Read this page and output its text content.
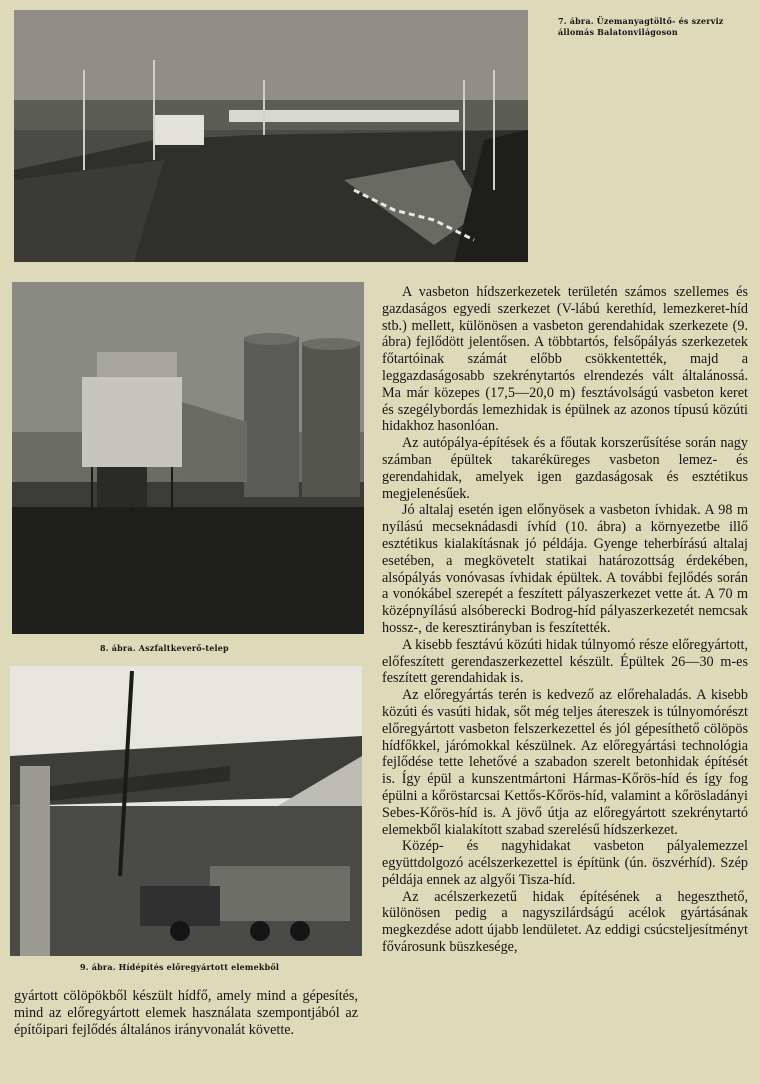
7. ábra. Üzemanyagtöltő- és szerviz
állomás Balatonvilágoson
8. ábra. Aszfaltkeverő-telep
9. ábra. Hídépítés előregyártott elemekből

gyártott cölöpökből készült hídfő, amely mind a gépesítés, mind az előregyártott elemek használata szempontjából az építőipari fejlődés általános irányvonalát követte.

A vasbeton hídszerkezetek területén számos szellemes és gazdaságos egyedi szerkezet (V-lábú kerethíd, lemezkeret-híd stb.) mellett, különösen a vasbeton gerendahidak szerkezete (9. ábra) fejlődött jelentősen. A többtartós, felsőpályás szerkezetek főtartóinak számát előbb csökkentették, majd a leggazdaságosabb szekrénytartós elrendezés vált általánossá. Ma már közepes (17,5—20,0 m) fesztávolságú vasbeton keret és szegélybordás lemezhidak is épülnek az azonos típusú közúti hidakhoz hasonlóan.

Az autópálya-építések és a főutak korszerűsítése során nagy számban épültek takaréküreges vasbeton lemez- és gerendahidak, amelyek igen gazdaságosak és esztétikus megjelenésűek.

Jó altalaj esetén igen előnyösek a vasbeton ívhidak. A 98 m nyílású mecseknádasdi ívhíd (10. ábra) a környezetbe illő esztétikus kialakításnak jó példája. Gyenge teherbírású altalaj esetében, a megkövetelt statikai határozottság érdekében, alsópályás vonóvasas ívhidak épültek. A további fejlődés során a vonókábel szerepét a feszített pályaszerkezet vette át. A 70 m középnyílású alsóberecki Bodrog-híd pályaszerkezetét nemcsak hossz-, de keresztirányban is feszítették.

A kisebb fesztávú közúti hidak túlnyomó része előregyártott, előfeszített gerendaszerkezettel készült. Épültek 26—30 m-es feszített gerendahidak is.

Az előregyártás terén is kedvező az előrehaladás. A kisebb közúti és vasúti hidak, sőt még teljes átereszek is túlnyomórészt előregyártott vasbeton felszerkezettel és jól gépesíthető cölöpös hídfőkkel, járómokkal készülnek. Az előregyártási technológia fejlődése tette lehetővé a szabadon szerelt betonhidak építését is. Így épül a kunszentmártoni Hármas-Kőrös-híd és így fog épülni a kőröstarcsai Kettős-Kőrös-híd, valamint a kőrösladányi Sebes-Kőrös-híd is. A jövő útja az előregyártott szekrénytartó elemekből kialakított szabad szerelésű hídszerkezet.

Közép- és nagyhidakat vasbeton pályalemezzel együttdolgozó acélszerkezettel is építünk (ún. öszvérhíd). Szép példája ennek az algyői Tisza-híd.

Az acélszerkezetű hidak építésének a hegeszthető, különösen pedig a nagyszilárdságú acélok gyártásának megkezdése adott újabb lendületet. Az eddigi csúcsteljesítményt fővárosunk büszkesége,
